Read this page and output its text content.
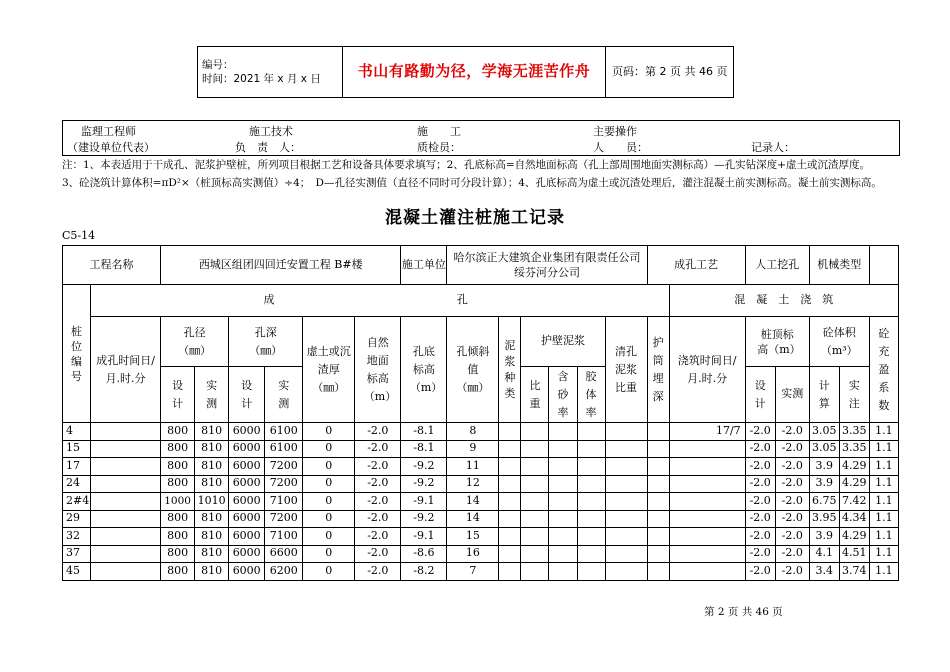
编号：
时间：2021 年 x 月 x 日	书山有路勤为径，学海无涯苦作舟	页码：第 2 页 共 46 页
监理工程师	施工技术	施　　工	主要操作
（建设单位代表）	负　责　人：	质检员：	人　　员：	记录人：
注：1、本表适用于干成孔、泥浆护壁桩，所列项目根据工艺和设备具体要求填写；2、孔底标高=自然地面标高（孔上部周围地面实测标高）—孔实钻深度+虚土或沉渣厚度。
3、砼浇筑计算体积=πD²×（桩顶标高实测值）÷4；　D—孔径实测值（直径不同时可分段计算）；4、孔底标高为虚土或沉渣处理后，灌注混凝土前实测标高。凝土前实测标高。
混凝土灌注桩施工记录
C5-14
工程名称		西城区组团四回迁安置工程 B#楼						施工单位	哈尔滨正大建筑企业集团有限责任公司
绥芬河分公司						成孔工艺		人工挖孔		机械类型		
桩位编号	成								孔							混　凝　土　浇　筑					
	成孔时间日/月.时.分	孔径（㎜）		孔深（㎜）		虚土或沉渣厚（㎜）	自然地面标高（m）	孔底标高（m）	孔倾斜值（㎜）	泥浆种类	护壁泥浆			清孔泥浆比重	护筒埋深	浇筑时间日/月.时.分	桩顶标高（m）		砼体积（m³）		砼充盈系数
		设计	实测	设计	实测						比重	含砂率	胶体率				设计	实测	计算	实注	
4		800	810	6000	6100	0	-2.0	-8.1	8							17/7	-2.0	-2.0	3.05	3.35	1.1
15		800	810	6000	6100	0	-2.0	-8.1	9								-2.0	-2.0	3.05	3.35	1.1
17		800	810	6000	7200	0	-2.0	-9.2	11								-2.0	-2.0	3.9	4.29	1.1
24		800	810	6000	7200	0	-2.0	-9.2	12								-2.0	-2.0	3.9	4.29	1.1
2#4		1000	1010	6000	7100	0	-2.0	-9.1	14								-2.0	-2.0	6.75	7.42	1.1
29		800	810	6000	7200	0	-2.0	-9.2	14								-2.0	-2.0	3.95	4.34	1.1
32		800	810	6000	7100	0	-2.0	-9.1	15								-2.0	-2.0	3.9	4.29	1.1
37		800	810	6000	6600	0	-2.0	-8.6	16								-2.0	-2.0	4.1	4.51	1.1
45		800	810	6000	6200	0	-2.0	-8.2	7								-2.0	-2.0	3.4	3.74	1.1
第 2 页 共 46 页
